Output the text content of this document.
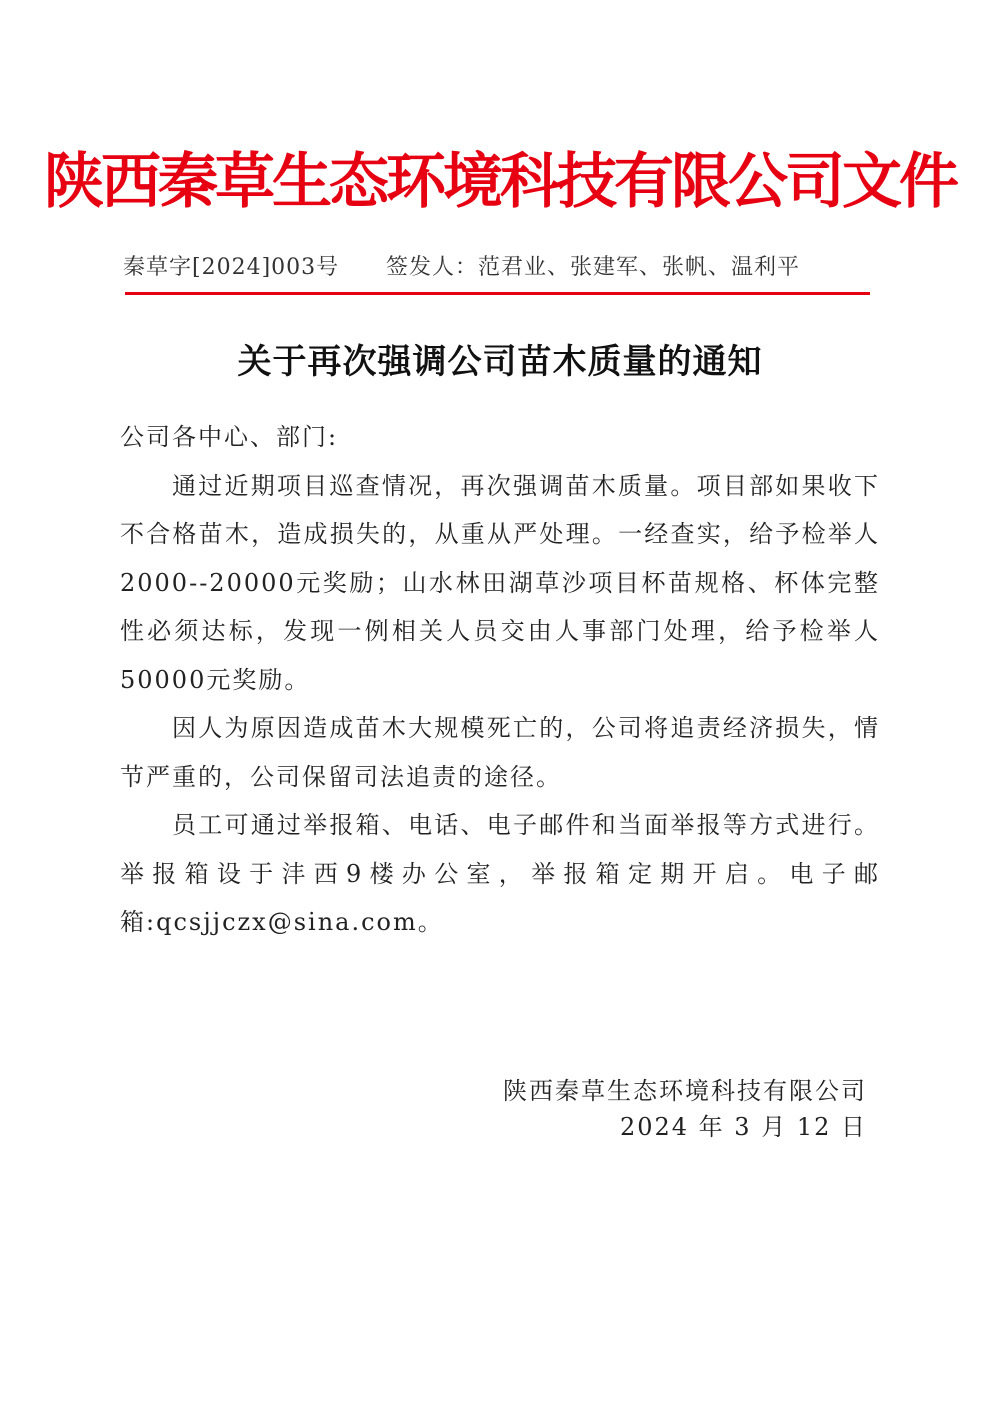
陕西秦草生态环境科技有限公司文件
秦草字[2024]003号 签发人：范君业、张建军、张帆、温利平
关于再次强调公司苗木质量的通知

公司各中心、部门:

通过近期项目巡查情况，再次强调苗木质量。项目部如果收下不合格苗木，造成损失的，从重从严处理。一经查实，给予检举人2000--20000元奖励；山水林田湖草沙项目杯苗规格、杯体完整性必须达标，发现一例相关人员交由人事部门处理，给予检举人50000元奖励。

因人为原因造成苗木大规模死亡的，公司将追责经济损失，情节严重的，公司保留司法追责的途径。

员工可通过举报箱、电话、电子邮件和当面举报等方式进行。举报箱设于沣西9楼办公室，举报箱定期开启。电子邮箱:qcsjjczx@sina.com。

陕西秦草生态环境科技有限公司
2024 年 3 月 12 日
